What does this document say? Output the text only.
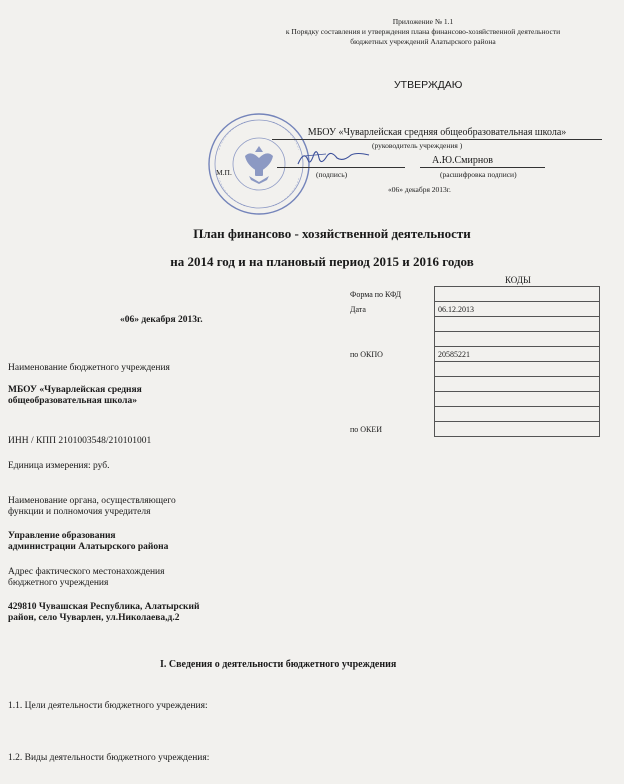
Приложение № 1.1
к Порядку составления и утверждения плана финансово-хозяйственной деятельности
бюджетных учреждений Алатырского района
УТВЕРЖДАЮ
МБОУ «Чуварлейская средняя общеобразовательная школа»
(руководитель учреждения )
А.Ю.Смирнов
М.П.	(подпись)	(расшифровка подписи)
«06» декабря 2013г.
План финансово - хозяйственной деятельности
на 2014 год и на плановый период 2015 и 2016 годов
КОДЫ
Форма по КФД	
Дата	06.12.2013

по ОКПО	20585221

по ОКЕИ	
«06» декабря 2013г.
Наименование бюджетного учреждения
МБОУ «Чуварлейская средняя общеобразовательная школа»
ИНН / КПП 2101003548/210101001
Единица измерения: руб.
Наименование органа, осуществляющего функции и полномочия учредителя
Управление образования администрации Алатырского района
Адрес фактического местонахождения бюджетного учреждения
429810 Чувашская Республика, Алатырский район, село Чуварлен, ул.Николаева,д.2
I. Сведения о деятельности бюджетного учреждения
1.1. Цели деятельности бюджетного учреждения:
1.2. Виды деятельности бюджетного учреждения:
